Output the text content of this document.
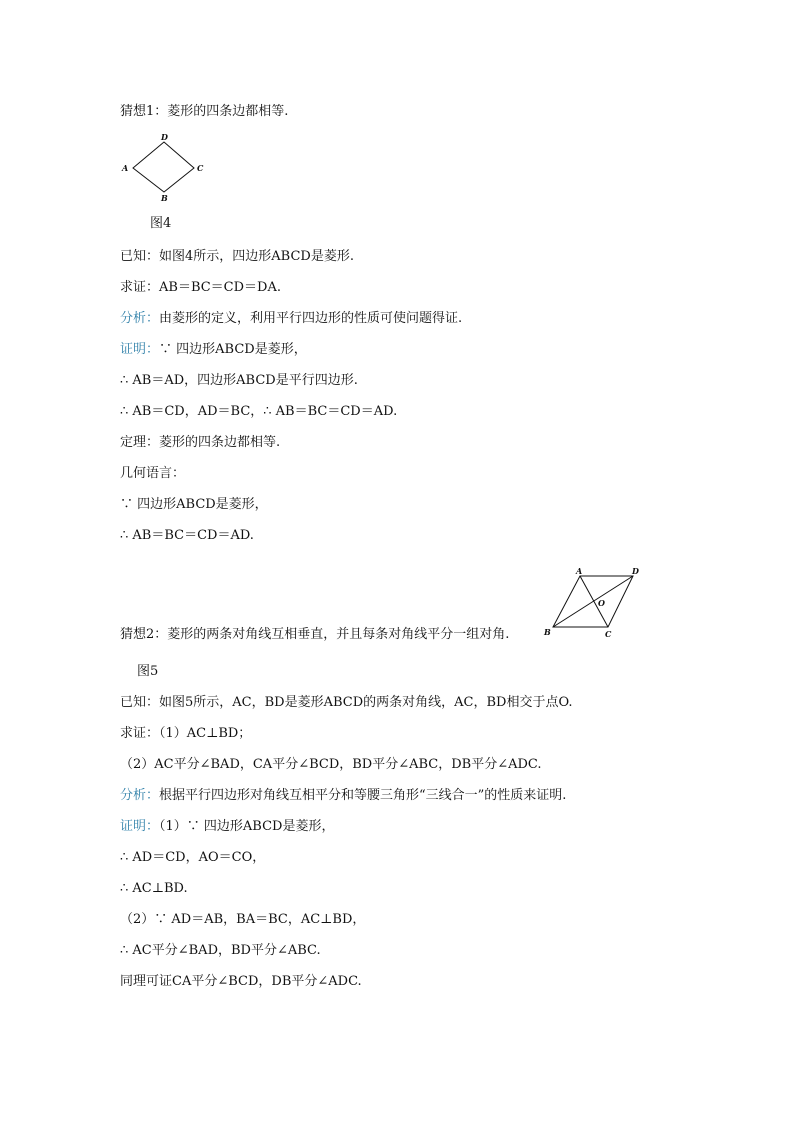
猜想1：菱形的四条边都相等.
D
A	C
B
图4
已知：如图4所示，四边形ABCD是菱形.
求证：AB＝BC＝CD＝DA.
分析：由菱形的定义，利用平行四边形的性质可使问题得证.
证明：∵ 四边形ABCD是菱形，
∴ AB＝AD，四边形ABCD是平行四边形.
∴ AB＝CD，AD＝BC，∴ AB＝BC＝CD＝AD.
定理：菱形的四条边都相等.
几何语言：
∵ 四边形ABCD是菱形，
∴ AB＝BC＝CD＝AD.
A	D
O
B	C
猜想2：菱形的两条对角线互相垂直，并且每条对角线平分一组对角.
图5
已知：如图5所示，AC，BD是菱形ABCD的两条对角线，AC，BD相交于点O.
求证：（1）AC⊥BD；
（2）AC平分∠BAD，CA平分∠BCD，BD平分∠ABC，DB平分∠ADC.
分析：根据平行四边形对角线互相平分和等腰三角形“三线合一”的性质来证明.
证明：（1）∵ 四边形ABCD是菱形，
∴ AD＝CD，AO＝CO，
∴ AC⊥BD.
（2）∵ AD＝AB，BA＝BC，AC⊥BD，
∴ AC平分∠BAD，BD平分∠ABC.
同理可证CA平分∠BCD，DB平分∠ADC.
